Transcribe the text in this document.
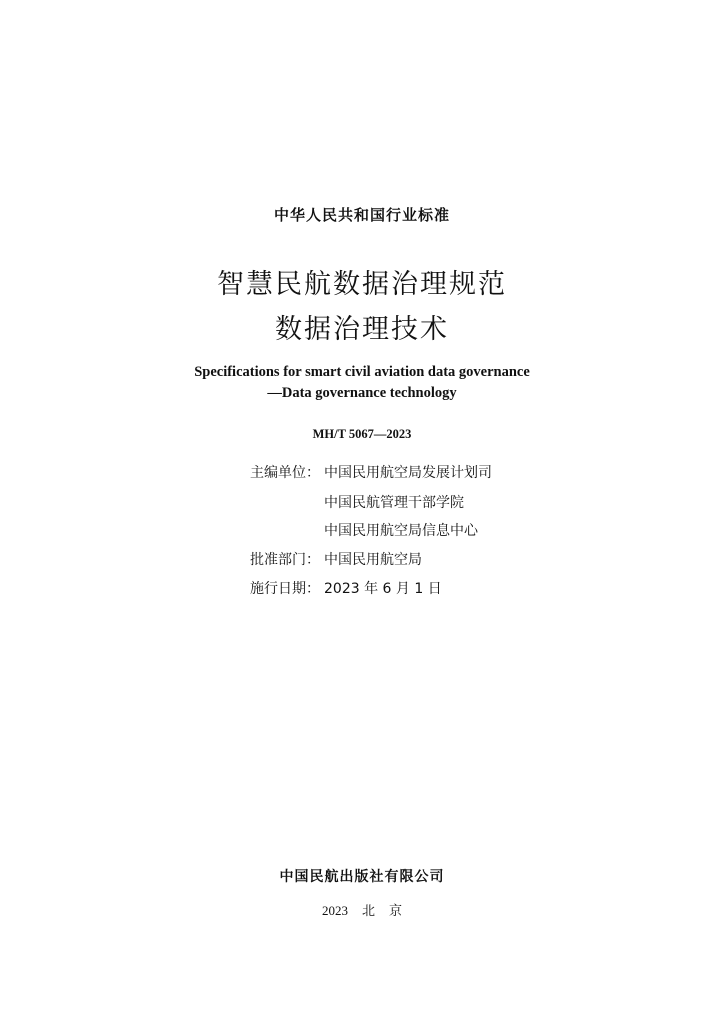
中华人民共和国行业标准
智慧民航数据治理规范
数据治理技术
Specifications for smart civil aviation data governance
—Data governance technology
MH/T 5067—2023
主编单位： 中国民用航空局发展计划司
中国民航管理干部学院
中国民用航空局信息中心
批准部门： 中国民用航空局
施行日期： 2023 年 6 月 1 日
中国民航出版社有限公司
2023 北 京
